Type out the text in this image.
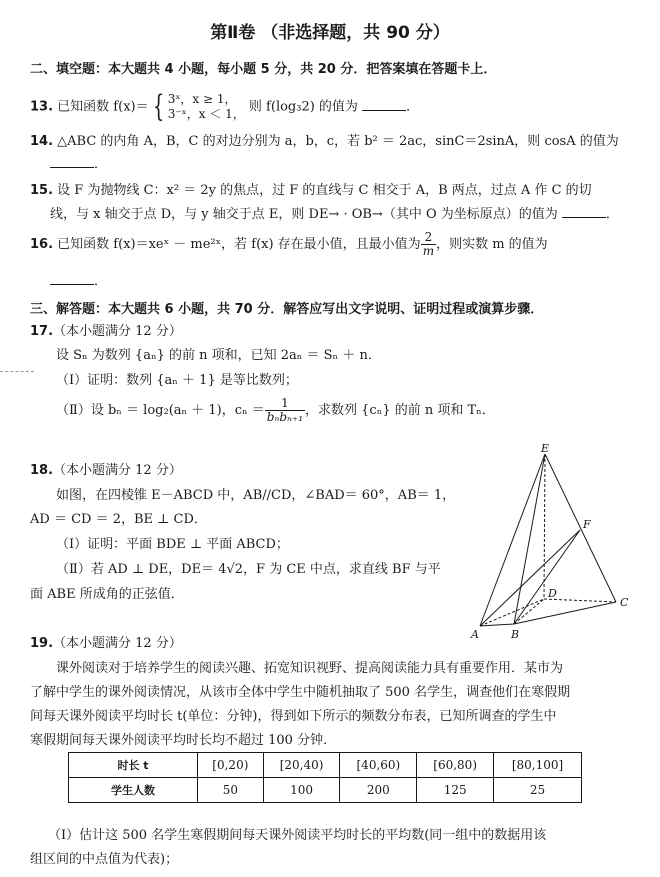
第Ⅱ卷 （非选择题，共 90 分）
二、填空题：本大题共 4 小题，每小题 5 分，共 20 分．把答案填在答题卡上．
13. 已知函数 f(x)＝ { 3ˣ，x ≥ 1，
3⁻ˣ，x ＜ 1， 则 f(log₃2) 的值为	．
14. △ABC 的内角 A，B，C 的对边分别为 a，b，c，若 b² ＝ 2ac，sinC＝2sinA，则 cosA 的值为
．
15. 设 F 为抛物线 C：x² ＝ 2y 的焦点，过 F 的直线与 C 相交于 A，B 两点，过点 A 作 C 的切
线，与 x 轴交于点 D，与 y 轴交于点 E，则 DE→ · OB→（其中 O 为坐标原点）的值为	．
16. 已知函数 f(x)＝xeˣ － me²ˣ，若 f(x) 存在最小值，且最小值为 $\frac{2}{m}$ ，则实数 m 的值为
．
三、解答题：本大题共 6 小题，共 70 分．解答应写出文字说明、证明过程或演算步骤．
17.（本小题满分 12 分）
设 Sₙ 为数列 {aₙ} 的前 n 项和，已知 2aₙ ＝ Sₙ ＋ n．
（Ⅰ）证明：数列 {aₙ ＋ 1} 是等比数列；
（Ⅱ）设 bₙ ＝ log₂(aₙ ＋ 1)，$c_n = \frac{1}{\text{bₙbₙ₊₁}}$ ，求数列 {cₙ} 的前 n 项和 Tₙ．
18.（本小题满分 12 分）
如图，在四棱锥 E－ABCD 中，AB//CD，∠BAD＝ 60°，AB＝ 1，
AD ＝ CD ＝ 2，BE ⊥ CD．
（Ⅰ）证明：平面 BDE ⊥ 平面 ABCD；
（Ⅱ）若 AD ⊥ DE，DE＝ 4√2，F 为 CE 中点，求直线 BF 与平
面 ABE 所成角的正弦值．
E
F
D
C
A	B
19.（本小题满分 12 分）
课外阅读对于培养学生的阅读兴趣、拓宽知识视野、提高阅读能力具有重要作用．某市为
了解中学生的课外阅读情况，从该市全体中学生中随机抽取了 500 名学生，调查他们在寒假期
间每天课外阅读平均时长 t(单位：分钟)，得到如下所示的频数分布表，已知所调查的学生中
寒假期间每天课外阅读平均时长均不超过 100 分钟．
时长 t	[0,20)	[20,40)	[40,60)	[60,80)	[80,100]
学生人数	50	100	200	125	25
（Ⅰ）估计这 500 名学生寒假期间每天课外阅读平均时长的平均数(同一组中的数据用该
组区间的中点值为代表)；
